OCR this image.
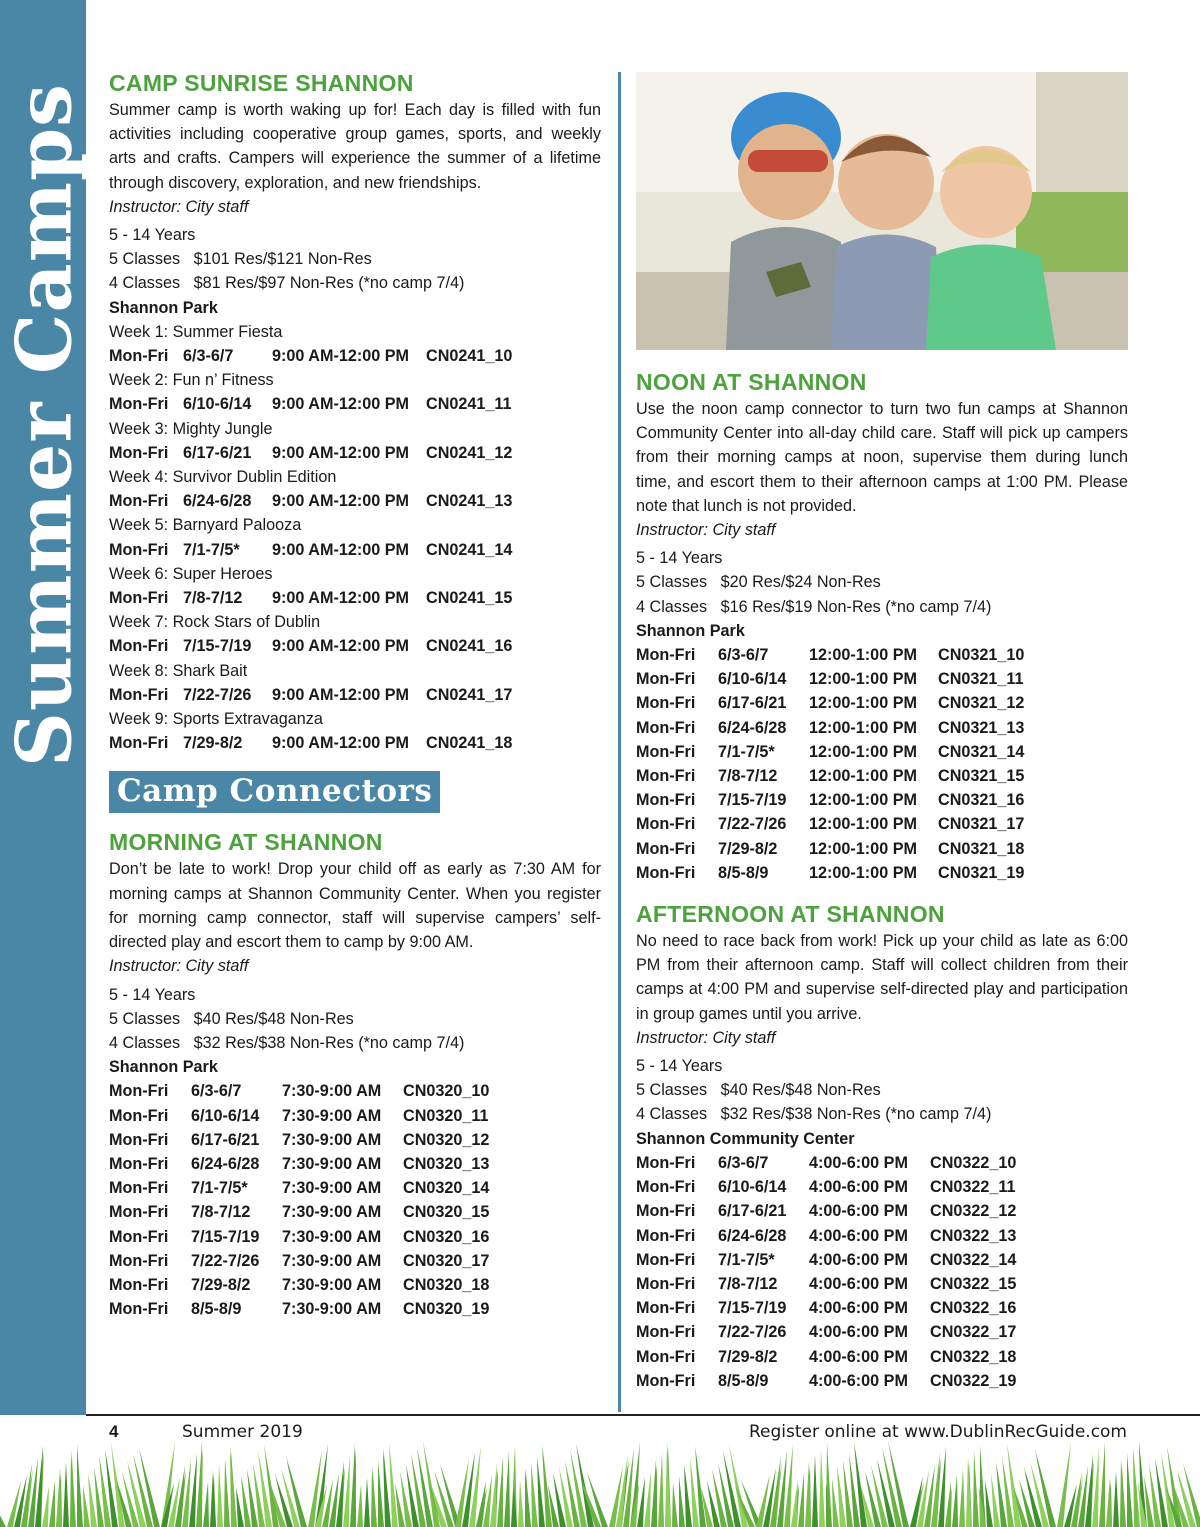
Summer Camps
CAMP SUNRISE SHANNON

Summer camp is worth waking up for! Each day is filled with fun activities including cooperative group games, sports, and weekly arts and crafts. Campers will experience the summer of a lifetime through discovery, exploration, and new friendships.

Instructor: City staff

5 - 14 Years

5 Classes   $101 Res/$121 Non-Res

4 Classes   $81 Res/$97 Non-Res (*no camp 7/4)

Shannon Park

Week 1: Summer Fiesta

Mon-Fri 6/3-6/7	9:00 AM-12:00 PM	CN0241_10

Week 2: Fun n’ Fitness

Mon-Fri 6/10-6/14	9:00 AM-12:00 PM	CN0241_11

Week 3: Mighty Jungle

Mon-Fri 6/17-6/21	9:00 AM-12:00 PM	CN0241_12

Week 4: Survivor Dublin Edition

Mon-Fri 6/24-6/28	9:00 AM-12:00 PM	CN0241_13

Week 5: Barnyard Palooza

Mon-Fri 7/1-7/5*	9:00 AM-12:00 PM	CN0241_14

Week 6: Super Heroes

Mon-Fri 7/8-7/12	9:00 AM-12:00 PM	CN0241_15

Week 7: Rock Stars of Dublin

Mon-Fri 7/15-7/19	9:00 AM-12:00 PM	CN0241_16

Week 8: Shark Bait

Mon-Fri 7/22-7/26	9:00 AM-12:00 PM	CN0241_17

Week 9: Sports Extravaganza

Mon-Fri 7/29-8/2	9:00 AM-12:00 PM	CN0241_18
Camp Connectors
MORNING AT SHANNON

Don’t be late to work! Drop your child off as early as 7:30 AM for morning camps at Shannon Community Center. When you register for morning camp connector, staff will supervise campers’ self-directed play and escort them to camp by 9:00 AM.

Instructor: City staff

5 - 14 Years

5 Classes   $40 Res/$48 Non-Res

4 Classes   $32 Res/$38 Non-Res (*no camp 7/4)

Shannon Park

Mon-Fri	6/3-6/7	7:30-9:00 AM	CN0320_10
Mon-Fri	6/10-6/14	7:30-9:00 AM	CN0320_11
Mon-Fri	6/17-6/21	7:30-9:00 AM	CN0320_12
Mon-Fri	6/24-6/28	7:30-9:00 AM	CN0320_13
Mon-Fri	7/1-7/5*	7:30-9:00 AM	CN0320_14
Mon-Fri	7/8-7/12	7:30-9:00 AM	CN0320_15
Mon-Fri	7/15-7/19	7:30-9:00 AM	CN0320_16
Mon-Fri	7/22-7/26	7:30-9:00 AM	CN0320_17
Mon-Fri	7/29-8/2	7:30-9:00 AM	CN0320_18
Mon-Fri	8/5-8/9	7:30-9:00 AM	CN0320_19
NOON AT SHANNON

Use the noon camp connector to turn two fun camps at Shannon Community Center into all-day child care. Staff will pick up campers from their morning camps at noon, supervise them during lunch time, and escort them to their afternoon camps at 1:00 PM. Please note that lunch is not provided.

Instructor: City staff

5 - 14 Years

5 Classes   $20 Res/$24 Non-Res

4 Classes   $16 Res/$19 Non-Res (*no camp 7/4)

Shannon Park

Mon-Fri	6/3-6/7	12:00-1:00 PM	CN0321_10
Mon-Fri	6/10-6/14	12:00-1:00 PM	CN0321_11
Mon-Fri	6/17-6/21	12:00-1:00 PM	CN0321_12
Mon-Fri	6/24-6/28	12:00-1:00 PM	CN0321_13
Mon-Fri	7/1-7/5*	12:00-1:00 PM	CN0321_14
Mon-Fri	7/8-7/12	12:00-1:00 PM	CN0321_15
Mon-Fri	7/15-7/19	12:00-1:00 PM	CN0321_16
Mon-Fri	7/22-7/26	12:00-1:00 PM	CN0321_17
Mon-Fri	7/29-8/2	12:00-1:00 PM	CN0321_18
Mon-Fri	8/5-8/9	12:00-1:00 PM	CN0321_19
AFTERNOON AT SHANNON

No need to race back from work! Pick up your child as late as 6:00 PM from their afternoon camp. Staff will collect children from their camps at 4:00 PM and supervise self-directed play and participation in group games until you arrive.

Instructor: City staff

5 - 14 Years

5 Classes   $40 Res/$48 Non-Res

4 Classes   $32 Res/$38 Non-Res (*no camp 7/4)

Shannon Community Center

Mon-Fri	6/3-6/7	4:00-6:00 PM	CN0322_10
Mon-Fri	6/10-6/14	4:00-6:00 PM	CN0322_11
Mon-Fri	6/17-6/21	4:00-6:00 PM	CN0322_12
Mon-Fri	6/24-6/28	4:00-6:00 PM	CN0322_13
Mon-Fri	7/1-7/5*	4:00-6:00 PM	CN0322_14
Mon-Fri	7/8-7/12	4:00-6:00 PM	CN0322_15
Mon-Fri	7/15-7/19	4:00-6:00 PM	CN0322_16
Mon-Fri	7/22-7/26	4:00-6:00 PM	CN0322_17
Mon-Fri	7/29-8/2	4:00-6:00 PM	CN0322_18
Mon-Fri	8/5-8/9	4:00-6:00 PM	CN0322_19
4	Summer 2019	Register online at www.DublinRecGuide.com
